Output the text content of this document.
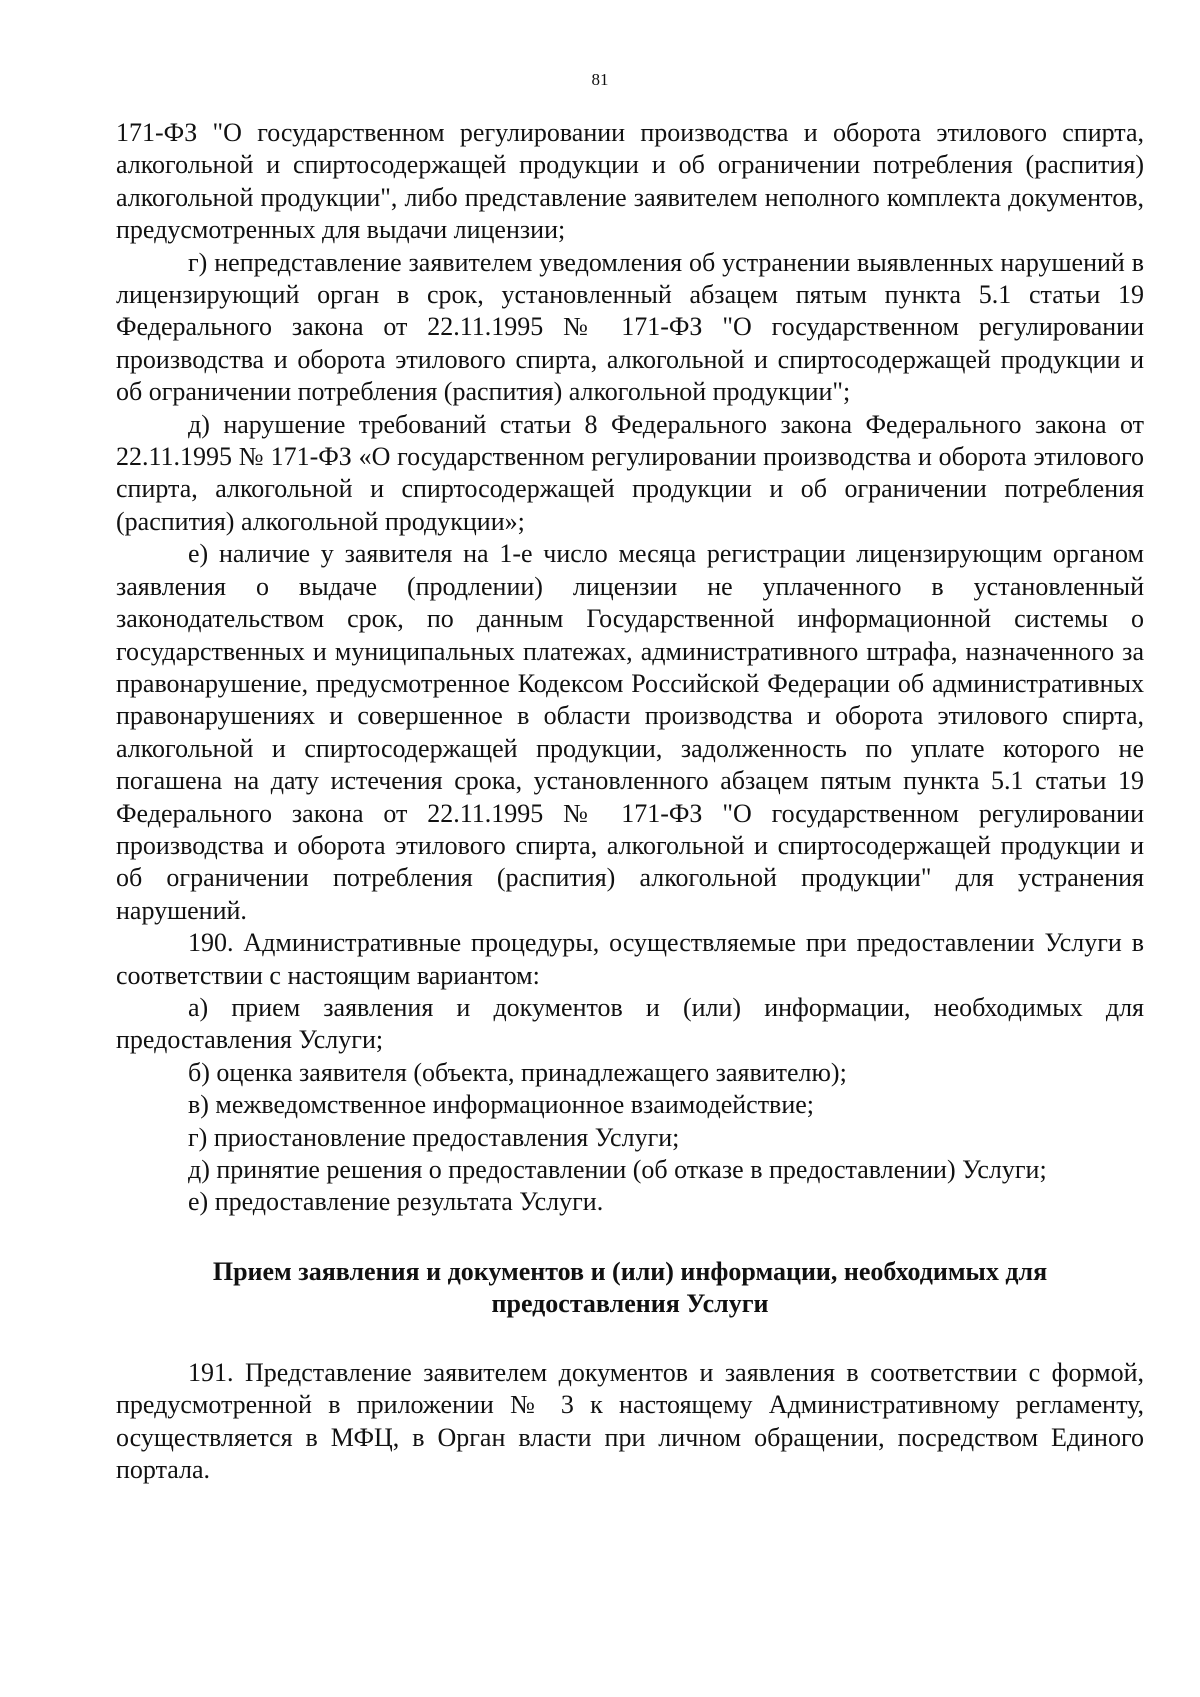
81

171-ФЗ "О государственном регулировании производства и оборота этилового спирта, алкогольной и спиртосодержащей продукции и об ограничении потребления (распития) алкогольной продукции", либо представление заявителем неполного комплекта документов, предусмотренных для выдачи лицензии;

г) непредставление заявителем уведомления об устранении выявленных нарушений в лицензирующий орган в срок, установленный абзацем пятым пункта 5.1 статьи 19 Федерального закона от 22.11.1995 № 171-ФЗ "О государственном регулировании производства и оборота этилового спирта, алкогольной и спиртосодержащей продукции и об ограничении потребления (распития) алкогольной продукции";

д) нарушение требований статьи 8 Федерального закона Федерального закона от 22.11.1995 № 171-ФЗ «О государственном регулировании производства и оборота этилового спирта, алкогольной и спиртосодержащей продукции и об ограничении потребления (распития) алкогольной продукции»;

е) наличие у заявителя на 1-е число месяца регистрации лицензирующим органом заявления о выдаче (продлении) лицензии не уплаченного в установленный законодательством срок, по данным Государственной информационной системы о государственных и муниципальных платежах, административного штрафа, назначенного за правонарушение, предусмотренное Кодексом Российской Федерации об административных правонарушениях и совершенное в области производства и оборота этилового спирта, алкогольной и спиртосодержащей продукции, задолженность по уплате которого не погашена на дату истечения срока, установленного абзацем пятым пункта 5.1 статьи 19 Федерального закона от 22.11.1995 № 171-ФЗ "О государственном регулировании производства и оборота этилового спирта, алкогольной и спиртосодержащей продукции и об ограничении потребления (распития) алкогольной продукции" для устранения нарушений.

190. Административные процедуры, осуществляемые при предоставлении Услуги в соответствии с настоящим вариантом:

а) прием заявления и документов и (или) информации, необходимых для предоставления Услуги;

б) оценка заявителя (объекта, принадлежащего заявителю);

в) межведомственное информационное взаимодействие;

г) приостановление предоставления Услуги;

д) принятие решения о предоставлении (об отказе в предоставлении) Услуги;

е) предоставление результата Услуги.

Прием заявления и документов и (или) информации, необходимых для предоставления Услуги

191. Представление заявителем документов и заявления в соответствии с формой, предусмотренной в приложении № 3 к настоящему Административному регламенту, осуществляется в МФЦ, в Орган власти при личном обращении, посредством Единого портала.
